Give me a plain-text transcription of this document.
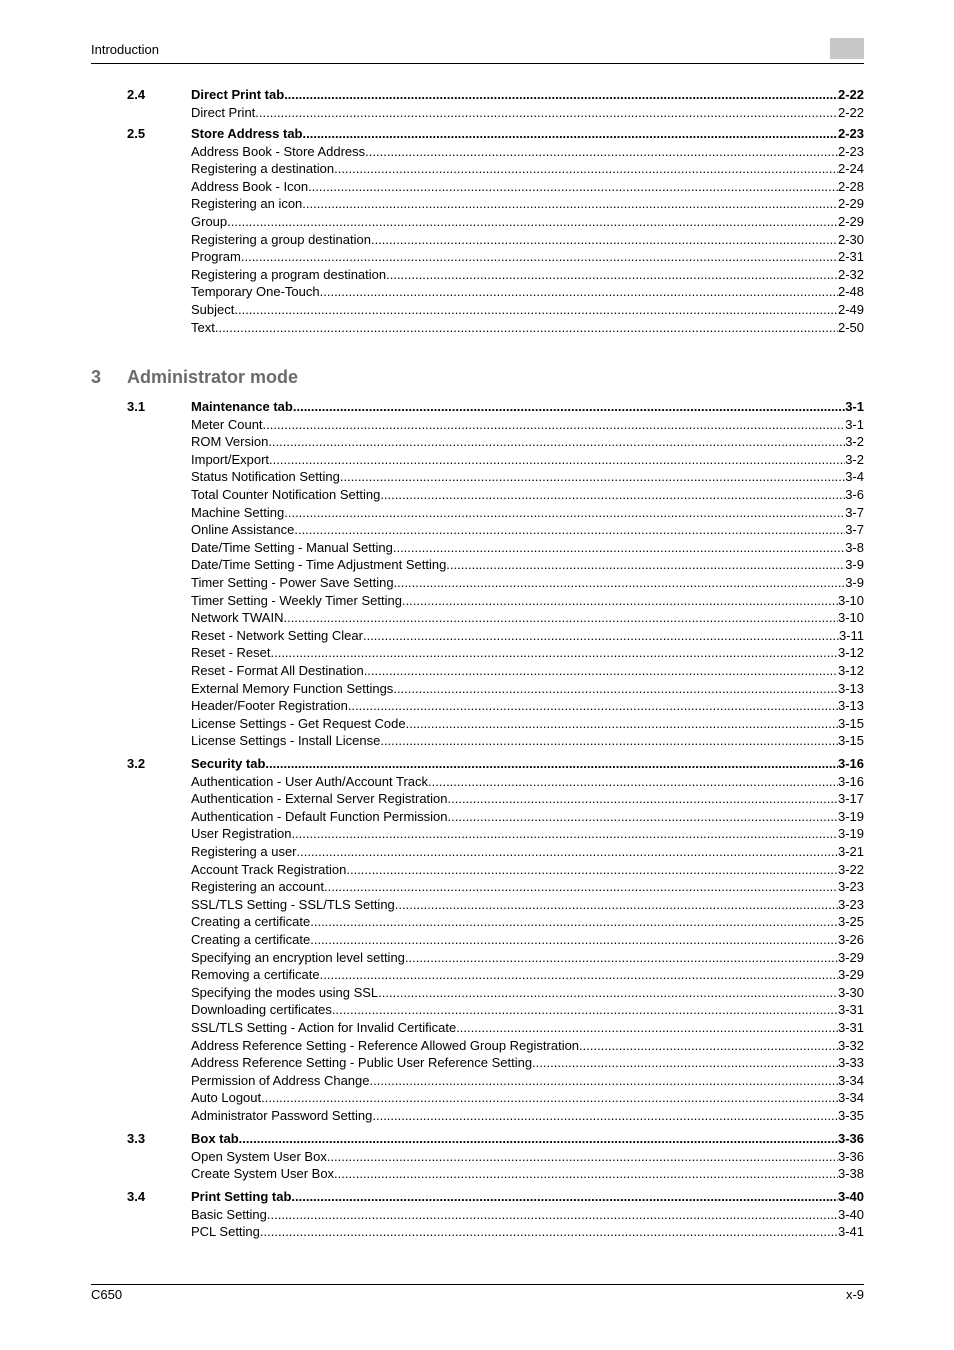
Introduction
3 Administrator mode
2.4	Direct Print tab .....	2-22
Direct Print .....	2-22
2.5	Store Address tab .....	2-23
Address Book - Store Address .....	2-23
Registering a destination .....	2-24
Address Book - Icon .....	2-28
Registering an icon .....	2-29
Group .....	2-29
Registering a group destination .....	2-30
Program .....	2-31
Registering a program destination .....	2-32
Temporary One-Touch .....	2-48
Subject .....	2-49
Text .....	2-50
3.1	Maintenance tab .....	3-1
Meter Count .....	3-1
ROM Version .....	3-2
Import/Export .....	3-2
Status Notification Setting .....	3-4
Total Counter Notification Setting .....	3-6
Machine Setting .....	3-7
Online Assistance .....	3-7
Date/Time Setting - Manual Setting .....	3-8
Date/Time Setting - Time Adjustment Setting .....	3-9
Timer Setting - Power Save Setting .....	3-9
Timer Setting - Weekly Timer Setting .....	3-10
Network TWAIN .....	3-10
Reset - Network Setting Clear .....	3-11
Reset - Reset .....	3-12
Reset - Format All Destination .....	3-12
External Memory Function Settings .....	3-13
Header/Footer Registration .....	3-13
License Settings - Get Request Code .....	3-15
License Settings - Install License .....	3-15
3.2	Security tab .....	3-16
Authentication - User Auth/Account Track .....	3-16
Authentication - External Server Registration .....	3-17
Authentication - Default Function Permission .....	3-19
User Registration .....	3-19
Registering a user .....	3-21
Account Track Registration .....	3-22
Registering an account .....	3-23
SSL/TLS Setting - SSL/TLS Setting .....	3-23
Creating a certificate .....	3-25
Creating a certificate .....	3-26
Specifying an encryption level setting .....	3-29
Removing a certificate .....	3-29
Specifying the modes using SSL .....	3-30
Downloading certificates .....	3-31
SSL/TLS Setting - Action for Invalid Certificate .....	3-31
Address Reference Setting - Reference Allowed Group Registration .....	3-32
Address Reference Setting - Public User Reference Setting .....	3-33
Permission of Address Change .....	3-34
Auto Logout .....	3-34
Administrator Password Setting .....	3-35
3.3	Box tab .....	3-36
Open System User Box .....	3-36
Create System User Box .....	3-38
3.4	Print Setting tab .....	3-40
Basic Setting .....	3-40
PCL Setting .....	3-41
C650	x-9
